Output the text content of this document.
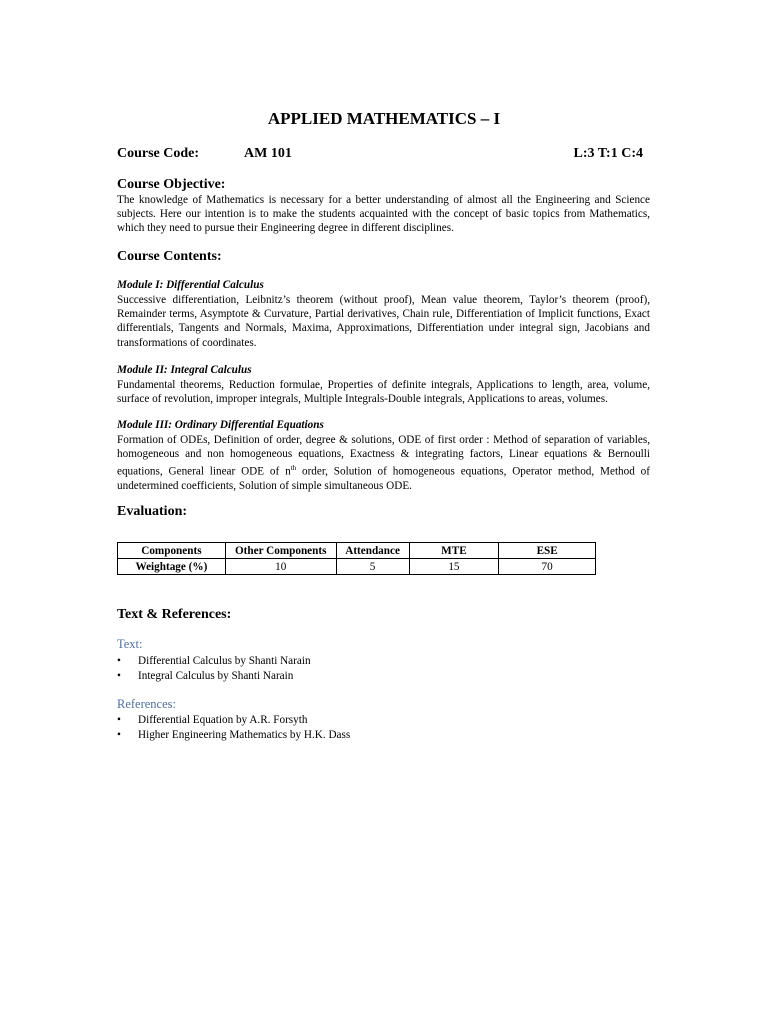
APPLIED MATHEMATICS – I
Course Code:	AM 101	L:3 T:1 C:4
Course Objective:
The knowledge of Mathematics is necessary for a better understanding of almost all the Engineering and Science subjects. Here our intention is to make the students acquainted with the concept of basic topics from Mathematics, which they need to pursue their Engineering degree in different disciplines.
Course Contents:
Module I: Differential Calculus
Successive differentiation, Leibnitz’s theorem (without proof), Mean value theorem, Taylor’s theorem (proof), Remainder terms, Asymptote & Curvature, Partial derivatives, Chain rule, Differentiation of Implicit functions, Exact differentials, Tangents and Normals, Maxima, Approximations, Differentiation under integral sign, Jacobians and transformations of coordinates.
Module II: Integral Calculus
Fundamental theorems, Reduction formulae, Properties of definite integrals, Applications to length, area, volume, surface of revolution, improper integrals, Multiple Integrals-Double integrals, Applications to areas, volumes.
Module III: Ordinary Differential Equations
Formation of ODEs, Definition of order, degree & solutions, ODE of first order : Method of separation of variables, homogeneous and non homogeneous equations, Exactness & integrating factors, Linear equations & Bernoulli equations, General linear ODE of $n^{th}$ order, Solution of homogeneous equations, Operator method, Method of undetermined coefficients, Solution of simple simultaneous ODE.
Evaluation:
Components	Other Components	Attendance	MTE	ESE
Weightage (%)	10	5	15	70
Text & References:
Text:
• Differential Calculus by Shanti Narain
• Integral Calculus by Shanti Narain
References:
• Differential Equation by A.R. Forsyth
• Higher Engineering Mathematics by H.K. Dass
